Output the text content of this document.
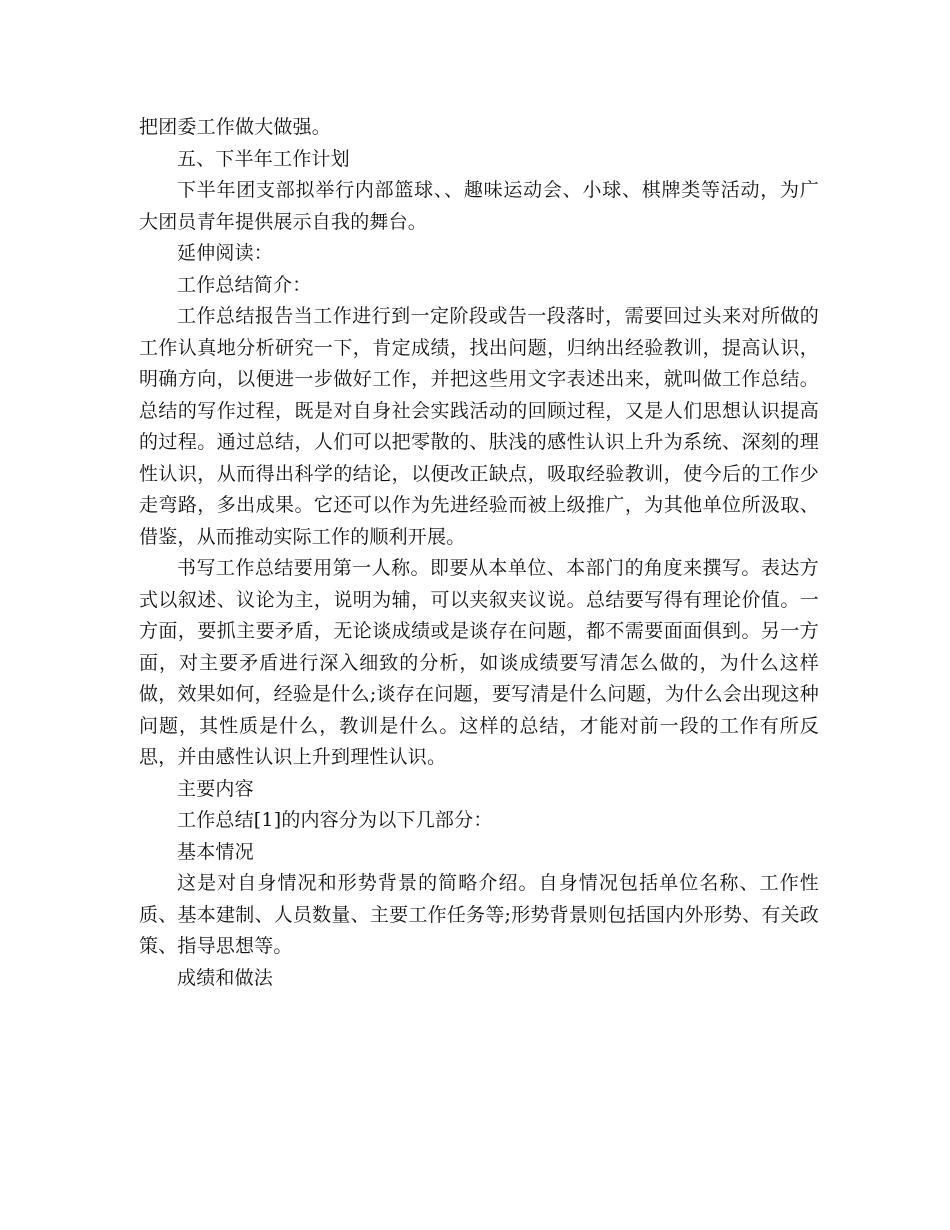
把团委工作做大做强。

五、下半年工作计划

下半年团支部拟举行内部篮球、、趣味运动会、小球、棋牌类等活动，为广大团员青年提供展示自我的舞台。

延伸阅读：

工作总结简介：

工作总结报告当工作进行到一定阶段或告一段落时，需要回过头来对所做的工作认真地分析研究一下，肯定成绩，找出问题，归纳出经验教训，提高认识，明确方向，以便进一步做好工作，并把这些用文字表述出来，就叫做工作总结。总结的写作过程，既是对自身社会实践活动的回顾过程，又是人们思想认识提高的过程。通过总结，人们可以把零散的、肤浅的感性认识上升为系统、深刻的理性认识，从而得出科学的结论，以便改正缺点，吸取经验教训，使今后的工作少走弯路，多出成果。它还可以作为先进经验而被上级推广，为其他单位所汲取、借鉴，从而推动实际工作的顺利开展。

书写工作总结要用第一人称。即要从本单位、本部门的角度来撰写。表达方式以叙述、议论为主，说明为辅，可以夹叙夹议说。总结要写得有理论价值。一方面，要抓主要矛盾，无论谈成绩或是谈存在问题，都不需要面面俱到。另一方面，对主要矛盾进行深入细致的分析，如谈成绩要写清怎么做的，为什么这样做，效果如何，经验是什么;谈存在问题，要写清是什么问题，为什么会出现这种问题，其性质是什么，教训是什么。这样的总结，才能对前一段的工作有所反思，并由感性认识上升到理性认识。

主要内容

工作总结[1]的内容分为以下几部分：

基本情况

这是对自身情况和形势背景的简略介绍。自身情况包括单位名称、工作性质、基本建制、人员数量、主要工作任务等;形势背景则包括国内外形势、有关政策、指导思想等。

成绩和做法
